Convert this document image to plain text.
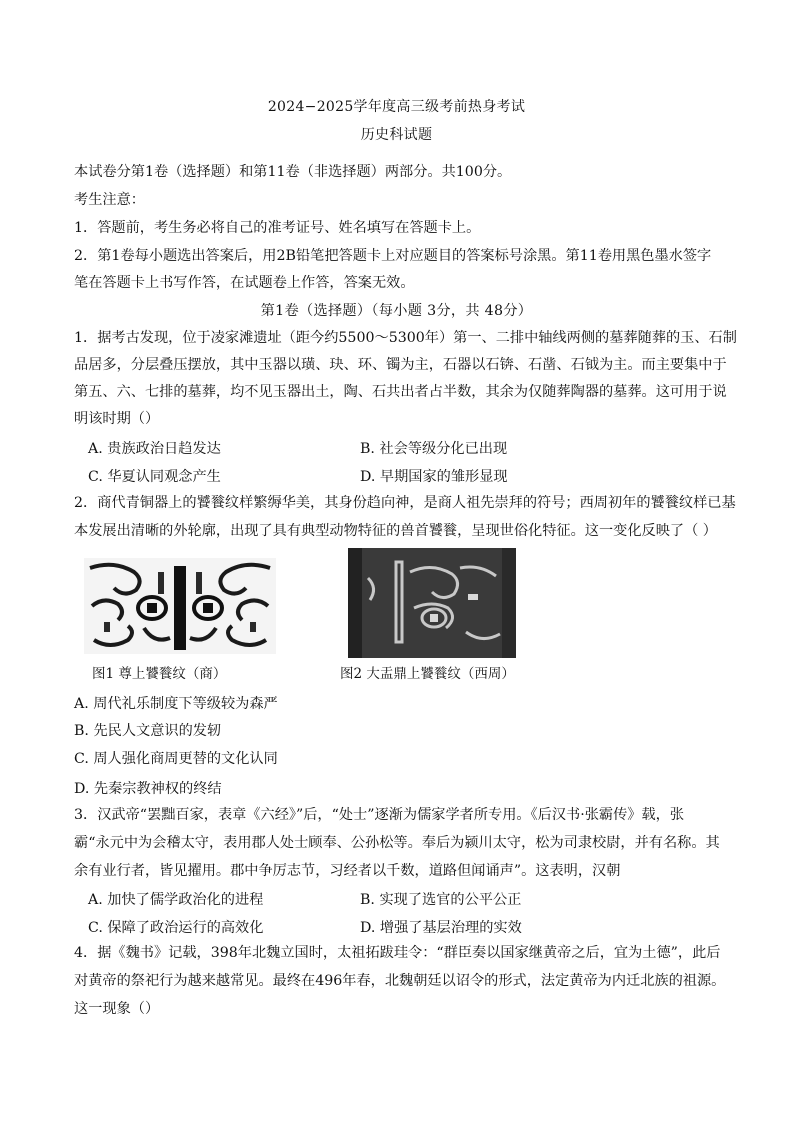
2024−2025学年度高三级考前热身考试
历史科试题
本试卷分第1卷（选择题）和第11卷（非选择题）两部分。共100分。
考生注意：
1．答题前，考生务必将自己的准考证号、姓名填写在答题卡上。
2．第1卷每小题选出答案后，用2B铅笔把答题卡上对应题目的答案标号涂黑。第11卷用黑色墨水签字
笔在答题卡上书写作答，在试题卷上作答，答案无效。
第1卷（选择题）（每小题 3分，共 48分）
1．据考古发现，位于凌家滩遗址（距今约5500～5300年）第一、二排中轴线两侧的墓葬随葬的玉、石制
品居多，分层叠压摆放，其中玉器以璜、玦、环、镯为主，石器以石锛、石凿、石钺为主。而主要集中于
第五、六、七排的墓葬，均不见玉器出土，陶、石共出者占半数，其余为仅随葬陶器的墓葬。这可用于说
明该时期（）
A. 贵族政治日趋发达	B. 社会等级分化已出现
C. 华夏认同观念产生	D. 早期国家的雏形显现
2．商代青铜器上的饕餮纹样繁缛华美，其身份趋向神，是商人祖先崇拜的符号；西周初年的饕餮纹样已基
本发展出清晰的外轮廓，出现了具有典型动物特征的兽首饕餮，呈现世俗化特征。这一变化反映了（ ）
图1 尊上饕餮纹（商）	图2 大盂鼎上饕餮纹（西周）
A. 周代礼乐制度下等级较为森严
B. 先民人文意识的发轫
C. 周人强化商周更替的文化认同
D. 先秦宗教神权的终结
3．汉武帝“罢黜百家，表章《六经》”后，“处士”逐渐为儒家学者所专用。《后汉书·张霸传》载，张
霸“永元中为会稽太守，表用郡人处士顾奉、公孙松等。奉后为颍川太守，松为司隶校尉，并有名称。其
余有业行者，皆见擢用。郡中争厉志节，习经者以千数，道路但闻诵声”。这表明，汉朝
A. 加快了儒学政治化的进程	B. 实现了选官的公平公正
C. 保障了政治运行的高效化	D. 增强了基层治理的实效
4．据《魏书》记载，398年北魏立国时，太祖拓跋珪令：“群臣奏以国家继黄帝之后，宜为土德”，此后
对黄帝的祭祀行为越来越常见。最终在496年春，北魏朝廷以诏令的形式，法定黄帝为内迁北族的祖源。
这一现象（）
